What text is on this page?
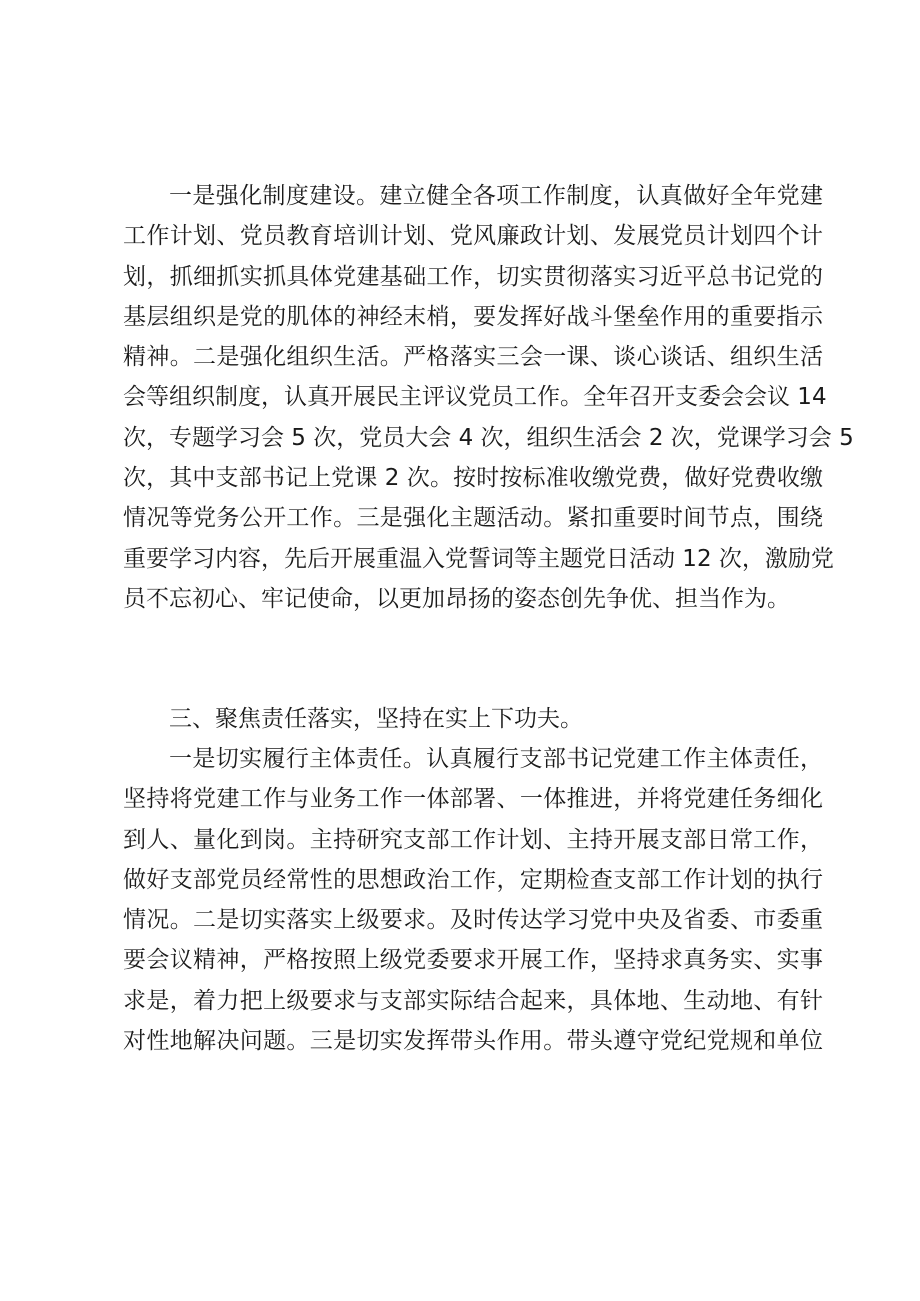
一是强化制度建设。建立健全各项工作制度，认真做好全年党建
工作计划、党员教育培训计划、党风廉政计划、发展党员计划四个计
划，抓细抓实抓具体党建基础工作，切实贯彻落实习近平总书记党的
基层组织是党的肌体的神经末梢，要发挥好战斗堡垒作用的重要指示
精神。二是强化组织生活。严格落实三会一课、谈心谈话、组织生活
会等组织制度，认真开展民主评议党员工作。全年召开支委会会议 14
次，专题学习会 5 次，党员大会 4 次，组织生活会 2 次，党课学习会 5
次，其中支部书记上党课 2 次。按时按标准收缴党费，做好党费收缴
情况等党务公开工作。三是强化主题活动。紧扣重要时间节点，围绕
重要学习内容，先后开展重温入党誓词等主题党日活动 12 次，激励党
员不忘初心、牢记使命，以更加昂扬的姿态创先争优、担当作为。
三、聚焦责任落实，坚持在实上下功夫。
一是切实履行主体责任。认真履行支部书记党建工作主体责任，
坚持将党建工作与业务工作一体部署、一体推进，并将党建任务细化
到人、量化到岗。主持研究支部工作计划、主持开展支部日常工作，
做好支部党员经常性的思想政治工作，定期检查支部工作计划的执行
情况。二是切实落实上级要求。及时传达学习党中央及省委、市委重
要会议精神，严格按照上级党委要求开展工作，坚持求真务实、实事
求是，着力把上级要求与支部实际结合起来，具体地、生动地、有针
对性地解决问题。三是切实发挥带头作用。带头遵守党纪党规和单位
